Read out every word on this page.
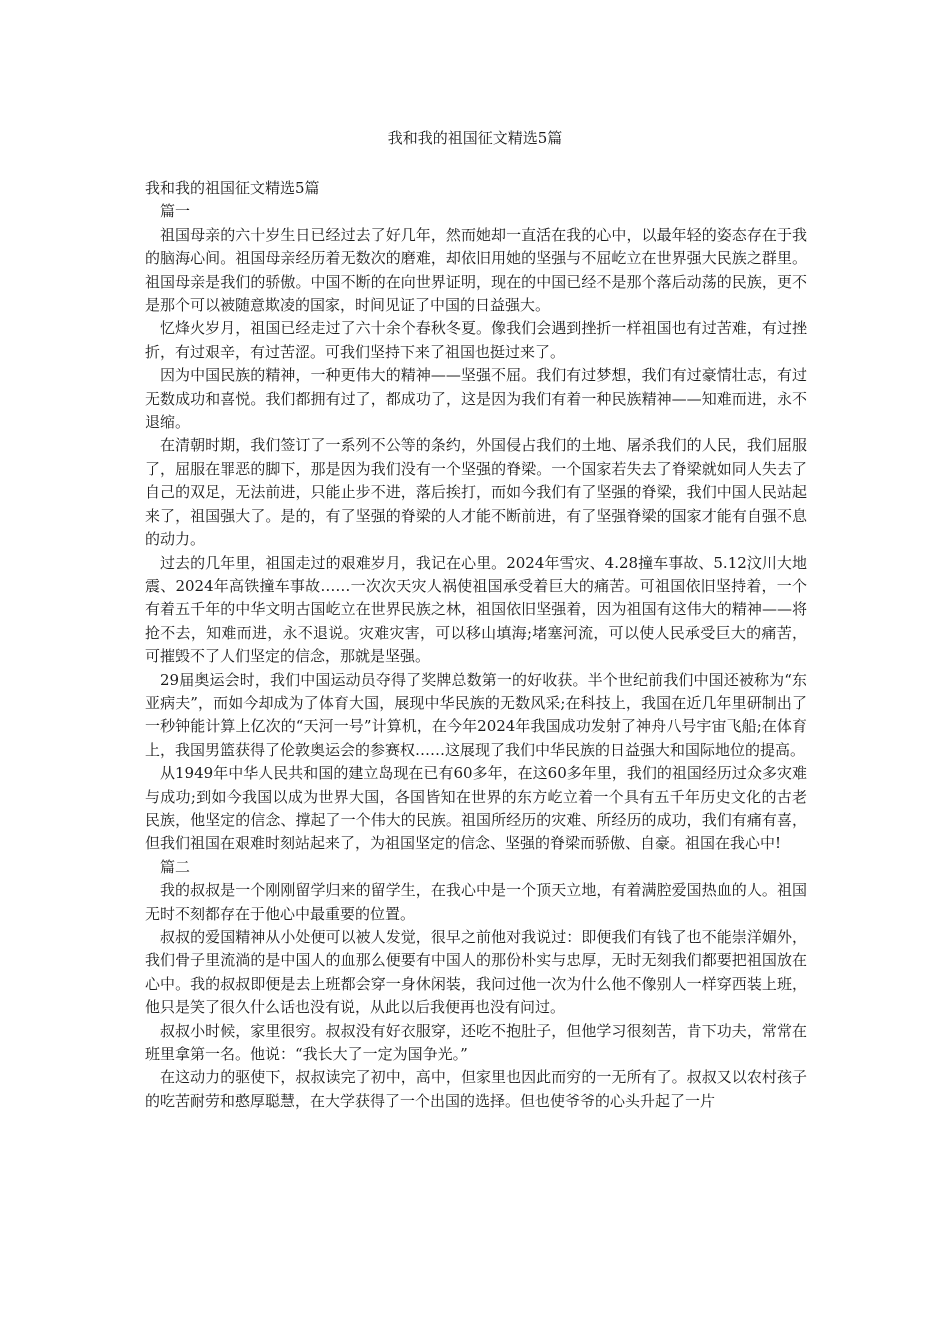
我和我的祖国征文精选5篇

我和我的祖国征文精选5篇

篇一

祖国母亲的六十岁生日已经过去了好几年，然而她却一直活在我的心中，以最年轻的姿态存在于我的脑海心间。祖国母亲经历着无数次的磨难，却依旧用她的坚强与不屈屹立在世界强大民族之群里。祖国母亲是我们的骄傲。中国不断的在向世界证明，现在的中国已经不是那个落后动荡的民族，更不是那个可以被随意欺凌的国家，时间见证了中国的日益强大。

忆烽火岁月，祖国已经走过了六十余个春秋冬夏。像我们会遇到挫折一样祖国也有过苦难，有过挫折，有过艰辛，有过苦涩。可我们坚持下来了祖国也挺过来了。

因为中国民族的精神，一种更伟大的精神——坚强不屈。我们有过梦想，我们有过豪情壮志，有过无数成功和喜悦。我们都拥有过了，都成功了，这是因为我们有着一种民族精神——知难而进，永不退缩。

在清朝时期，我们签订了一系列不公等的条约，外国侵占我们的土地、屠杀我们的人民，我们屈服了，屈服在罪恶的脚下，那是因为我们没有一个坚强的脊梁。一个国家若失去了脊梁就如同人失去了自己的双足，无法前进，只能止步不进，落后挨打，而如今我们有了坚强的脊梁，我们中国人民站起来了，祖国强大了。是的，有了坚强的脊梁的人才能不断前进，有了坚强脊梁的国家才能有自强不息的动力。

过去的几年里，祖国走过的艰难岁月，我记在心里。2024年雪灾、4.28撞车事故、5.12汶川大地震、2024年高铁撞车事故……一次次天灾人祸使祖国承受着巨大的痛苦。可祖国依旧坚持着，一个有着五千年的中华文明古国屹立在世界民族之林，祖国依旧坚强着，因为祖国有这伟大的精神——将抢不去，知难而进，永不退说。灾难灾害，可以移山填海;堵塞河流，可以使人民承受巨大的痛苦，可摧毁不了人们坚定的信念，那就是坚强。

29届奥运会时，我们中国运动员夺得了奖牌总数第一的好收获。半个世纪前我们中国还被称为“东亚病夫”，而如今却成为了体育大国，展现中华民族的无数风采;在科技上，我国在近几年里研制出了一秒钟能计算上亿次的“天河一号”计算机，在今年2024年我国成功发射了神舟八号宇宙飞船;在体育上，我国男篮获得了伦敦奥运会的参赛权……这展现了我们中华民族的日益强大和国际地位的提高。

从1949年中华人民共和国的建立岛现在已有60多年，在这60多年里，我们的祖国经历过众多灾难与成功;到如今我国以成为世界大国，各国皆知在世界的东方屹立着一个具有五千年历史文化的古老民族，他坚定的信念、撑起了一个伟大的民族。祖国所经历的灾难、所经历的成功，我们有痛有喜，但我们祖国在艰难时刻站起来了，为祖国坚定的信念、坚强的脊梁而骄傲、自豪。祖国在我心中!

篇二

我的叔叔是一个刚刚留学归来的留学生，在我心中是一个顶天立地，有着满腔爱国热血的人。祖国无时不刻都存在于他心中最重要的位置。

叔叔的爱国精神从小处便可以被人发觉，很早之前他对我说过：即便我们有钱了也不能崇洋媚外，我们骨子里流淌的是中国人的血那么便要有中国人的那份朴实与忠厚，无时无刻我们都要把祖国放在心中。我的叔叔即便是去上班都会穿一身休闲装，我问过他一次为什么他不像别人一样穿西装上班，他只是笑了很久什么话也没有说，从此以后我便再也没有问过。

叔叔小时候，家里很穷。叔叔没有好衣服穿，还吃不抱肚子，但他学习很刻苦，肯下功夫，常常在班里拿第一名。他说：“我长大了一定为国争光。”

在这动力的驱使下，叔叔读完了初中，高中，但家里也因此而穷的一无所有了。叔叔又以农村孩子的吃苦耐劳和憨厚聪慧，在大学获得了一个出国的选择。但也使爷爷的心头升起了一片
